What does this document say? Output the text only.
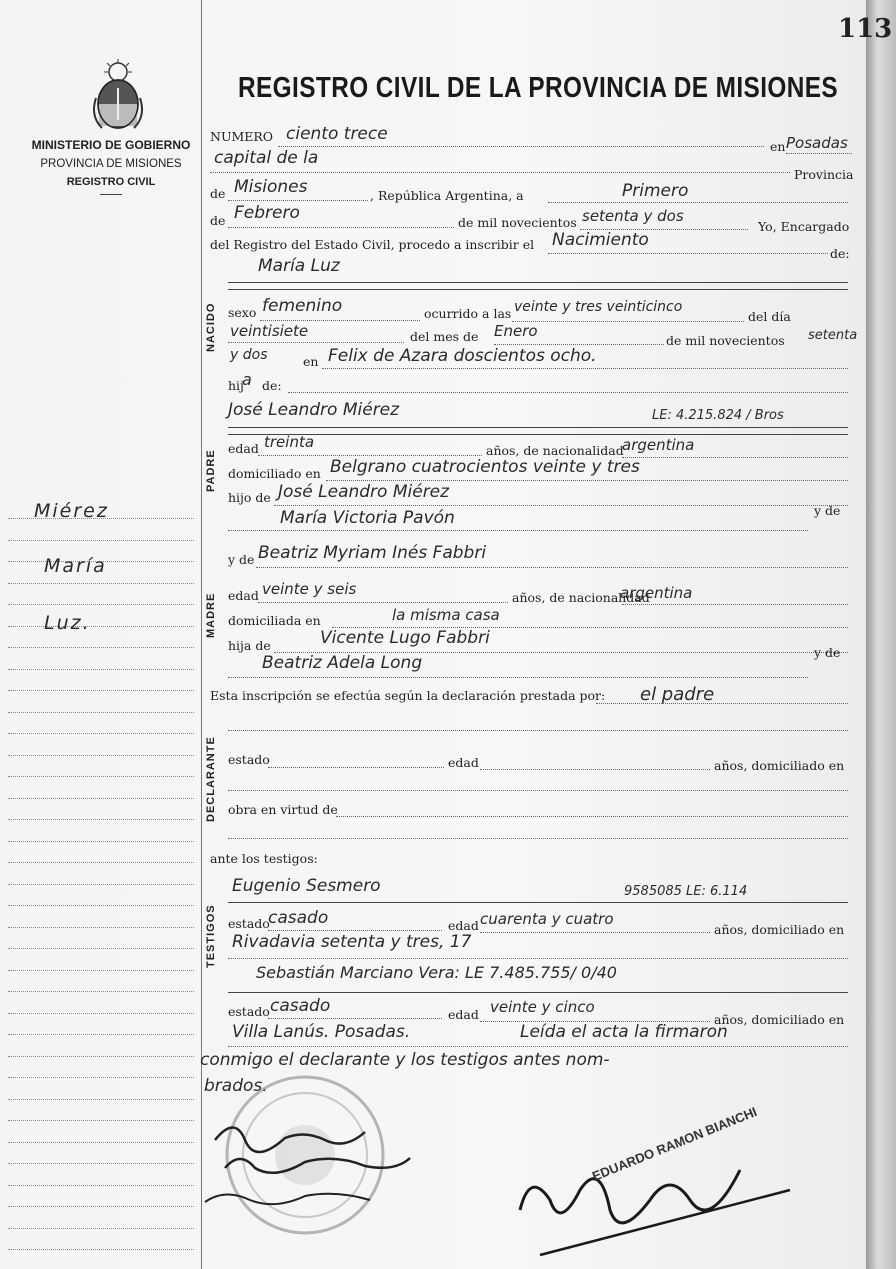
MINISTERIO DE GOBIERNO
PROVINCIA DE MISIONES
REGISTRO CIVIL
Miérez
María
Luz.
REGISTRO CIVIL DE LA PROVINCIA DE MISIONES
NUMERO ciento trece
en Posadas
capital de la
Provincia
de Misiones	, República Argentina, a	Primero
de Febrero	de mil novecientos setenta y dos
Yo, Encargado
del Registro del Estado Civil, procedo a inscribir el Nacimiento
de:
NACIDO
María Luz
sexo femenino	ocurrido a las veinte y tres veinticinco
del día
veintisiete	del mes de Enero
de mil novecientos setenta
y dos	en Felix de Azara doscientos ocho.
hij
a de:
PADRE
José Leandro Miérez	LE: 4.215.824 / Bros
edad treinta	años, de nacionalidad
argentina
domiciliado en Belgrano cuatrocientos veinte y tres
hijo de José Leandro Miérez
María Victoria Pavón	y de
y de Beatriz Myriam Inés Fabbri
MADRE edad veinte y seis	años, de nacionalidad
argentina
domiciliada en	la misma casa
hija de	Vicente Lugo Fabbri
Beatriz Adela Long
y de
Esta inscripción se efectúa según la declaración prestada por: el padre
DECLARANTE estado	edad	años, domiciliado en
obra en virtud de
ante los testigos:
TESTIGOS
Eugenio Sesmero	9585085 LE: 6.114
estado
casado	edad cuarenta y cuatro
años, domiciliado en
Rivadavia setenta y tres, 17
Sebastián Marciano Vera: LE 7.485.755/ 0/40
estado casado	edad veinte y cinco
años, domiciliado en
Villa Lanús. Posadas.	Leída el acta la firmaron
conmigo el declarante y los testigos antes nom-
brados.
EDUARDO RAMON BIANCHI
113
